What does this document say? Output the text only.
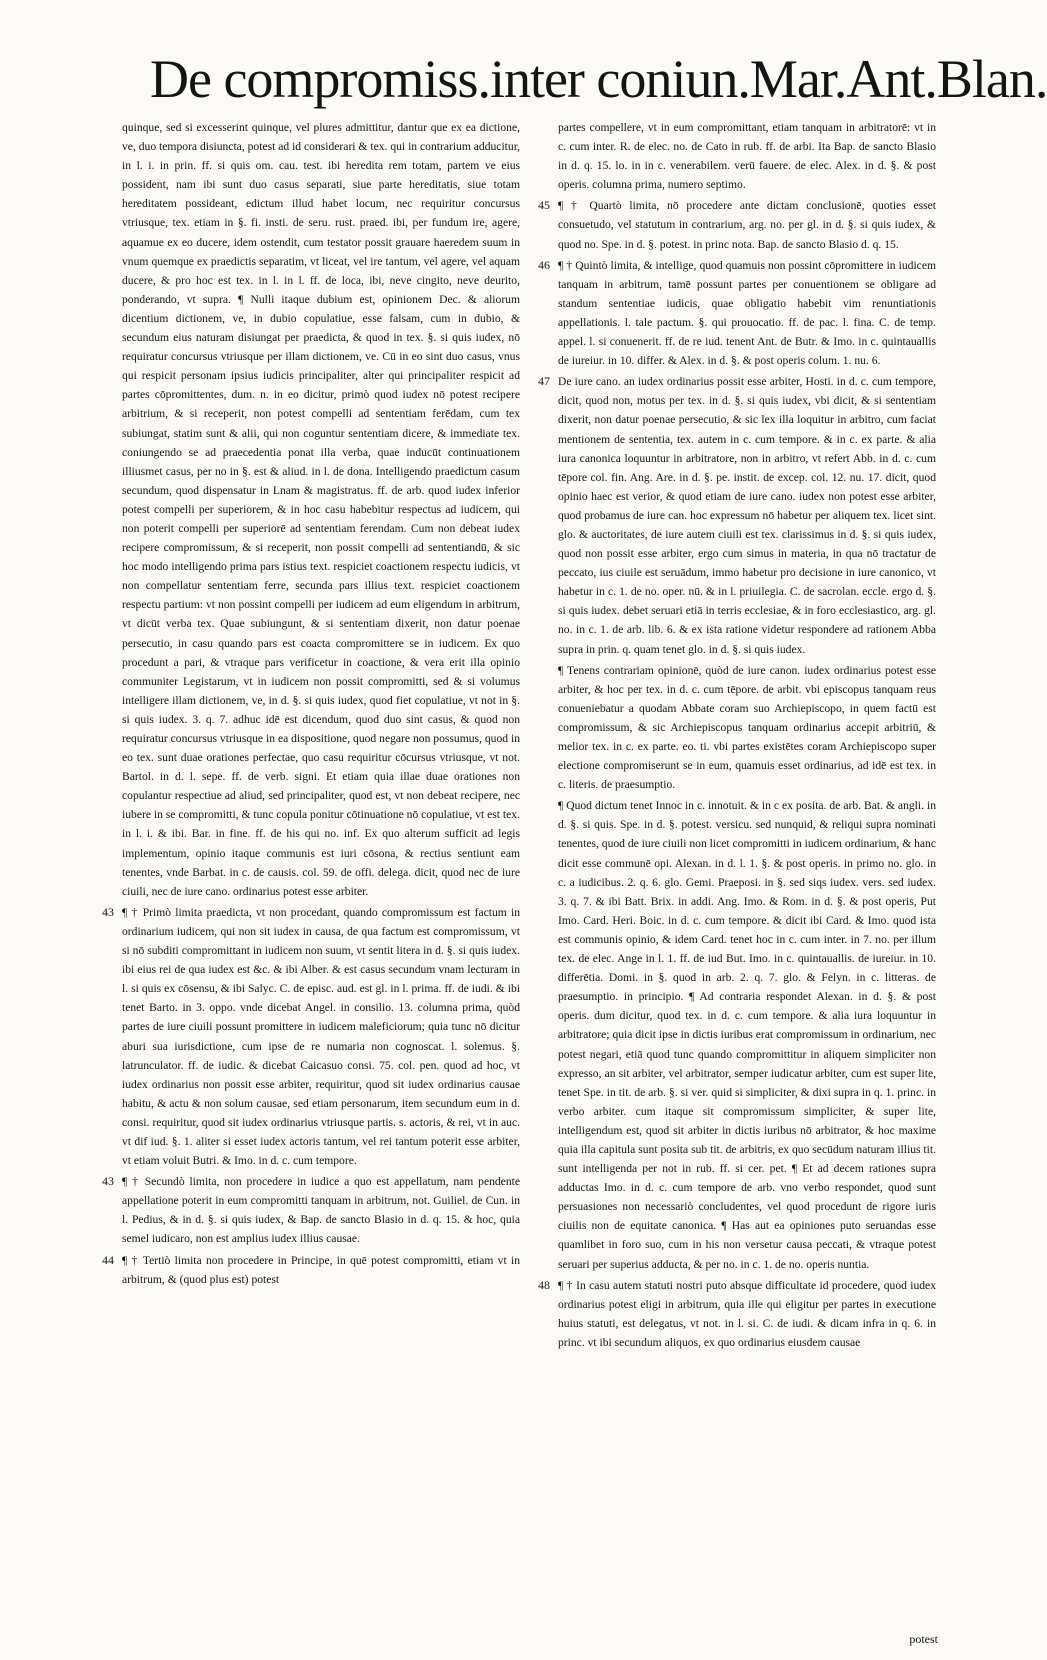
De compromiss.inter coniun.Mar.Ant.Blan.

quinque, sed si excesserint quinque, vel plures admittitur, dantur que ex ea dictione, ve, duo tempora disiuncta, potest ad id considerari & tex. qui in contrarium adducitur, in l. i. in prin. ff. si quis om. cau. test. ibi heredita rem totam, partem ve eius possident, nam ibi sunt duo casus separati, siue parte hereditatis, siue totam hereditatem possideant, edictum illud habet locum, nec requiritur concursus vtriusque, tex. etiam in §. fi. insti. de seru. rust. praed. ibi, per fundum ire, agere, aquamue ex eo ducere, idem ostendit, cum testator possit grauare haeredem suum in vnum quemque ex praedictis separatim, vt liceat, vel ire tantum, vel agere, vel aquam ducere, & pro hoc est tex. in l. in l. ff. de loca, ibi, neve cingito, neve deurito, ponderando, vt supra. ¶ Nulli itaque dubium est, opinionem Dec. & aliorum dicentium dictionem, ve, in dubio copulatiue, esse falsam, cum in dubio, & secundum eius naturam disiungat per praedicta, & quod in tex. §. si quis iudex, nō requiratur concursus vtriusque per illam dictionem, ve. Cū in eo sint duo casus, vnus qui respicit personam ipsius iudicis principaliter, alter qui principaliter respicit ad partes cōpromittentes, dum. n. in eo dicitur, primò quod iudex nō potest recipere arbitrium, & si receperit, non potest compelli ad sententiam ferēdam, cum tex subiungat, statim sunt & alii, qui non coguntur sententiam dicere, & immediate tex. coniungendo se ad praecedentia ponat illa verba, quae inducūt continuationem illiusmet casus, per no in §. est & aliud. in l. de dona. Intelligendo praedictum casum secundum, quod dispensatur in Lnam & magistratus. ff. de arb. quod iudex inferior potest compelli per superiorem, & in hoc casu habebitur respectus ad iudicem, qui non poterit compelli per superiorē ad sententiam ferendam. Cum non debeat iudex recipere compromissum, & si receperit, non possit compelli ad sententiandū, & sic hoc modo intelligendo prima pars istius text. respiciet coactionem respectu iudicis, vt non compellatur sententiam ferre, secunda pars illius text. respiciet coactionem respectu partium: vt non possint compelli per iudicem ad eum eligendum in arbitrum, vt dicūt verba tex. Quae subiungunt, & si sententiam dixerit, non datur poenae persecutio, in casu quando pars est coacta compromittere se in iudicem. Ex quo procedunt a pari, & vtraque pars verificetur in coactione, & vera erit illa opinio communiter Legistarum, vt in iudicem non possit compromitti, sed & si volumus intelligere illam dictionem, ve, in d. §. si quis iudex, quod fiet copulatiue, vt not in §. si quis iudex. 3. q. 7. adhuc idē est dicendum, quod duo sint casus, & quod non requiratur concursus vtriusque in ea dispositione, quod negare non possumus, quod in eo tex. sunt duae orationes perfectae, quo casu requiritur cōcursus vtriusque, vt not. Bartol. in d. l. sepe. ff. de verb. signi. Et etiam quia illae duae orationes non copulantur respectiue ad aliud, sed principaliter, quod est, vt non debeat recipere, nec iubere in se compromitti, & tunc copula ponitur cōtinuatione nō copulatiue, vt est tex. in l. i. & ibi. Bar. in fine. ff. de his qui no. inf. Ex quo alterum sufficit ad legis implementum, opinio itaque communis est iuri cōsona, & rectius sentiunt eam tenentes, vnde Barbat. in c. de causis. col. 59. de offi. delega. dicit, quod nec de iure ciuili, nec de iure cano. ordinarius potest esse arbiter.

43 ¶ † Primò limita praedicta, vt non procedant, quando compromissum est factum in ordinarium iudicem, qui non sit iudex in causa, de qua factum est compromissum, vt si nō subditi compromittant in iudicem non suum, vt sentit litera in d. §. si quis iudex. ibi eius rei de qua iudex est &c. & ibi Alber. & est casus secundum vnam lecturam in l. si quis ex cōsensu, & ibi Salyc. C. de episc. aud. est gl. in l. prima. ff. de iudi. & ibi tenet Barto. in 3. oppo. vnde dicebat Angel. in consilio. 13. columna prima, quòd partes de iure ciuili possunt promittere in iudicem maleficiorum; quia tunc nō dicitur aburi sua iurisdictione, cum ipse de re numaria non cognoscat. l. solemus. §. latrunculator. ff. de iudic. & dicebat Caicasuo consi. 75. col. pen. quod ad hoc, vt iudex ordinarius non possit esse arbiter, requiritur, quod sit iudex ordinarius causae habitu, & actu & non solum causae, sed etiam personarum, item secundum eum in d. consi. requiritur, quod sit iudex ordinarius vtriusque partis. s. actoris, & rei, vt in auc. vt dif iud. §. 1. aliter si esset iudex actoris tantum, vel rei tantum poterit esse arbiter, vt etiam voluit Butri. & Imo. in d. c. cum tempore.

43 ¶ † Secundò limita, non procedere in iudice a quo est appellatum, nam pendente appellatione poterit in eum compromitti tanquam in arbitrum, not. Guiliel. de Cun. in l. Pedius, & in d. §. si quis iudex, & Bap. de sancto Blasio in d. q. 15. & hoc, quia semel iudicaro, non est amplius iudex illius causae.

44 ¶ † Tertiò limita non procedere in Principe, in quē potest compromitti, etiam vt in arbitrum, & (quod plus est) potest

partes compellere, vt in eum compromittant, etiam tanquam in arbitratorē: vt in c. cum inter. R. de elec. no. de Cato in rub. ff. de arbi. Ita Bap. de sancto Blasio in d. q. 15. lo. in in c. venerabilem. verū fauere. de elec. Alex. in d. §. & post operis. columna prima, numero septimo.

45 ¶ † Quartò limita, nō procedere ante dictam conclusionē, quoties esset consuetudo, vel statutum in contrarium, arg. no. per gl. in d. §. si quis iudex, & quod no. Spe. in d. §. potest. in princ nota. Bap. de sancto Blasio d. q. 15.

46 ¶ † Quintò limita, & intellige, quod quamuis non possint cōpromittere in iudicem tanquam in arbitrum, tamē possunt partes per conuentionem se obligare ad standum sententiae iudicis, quae obligatio habebit vim renuntiationis appellationis. l. tale pactum. §. qui prouocatio. ff. de pac. l. fina. C. de temp. appel. l. si conuenerit. ff. de re iud. tenent Ant. de Butr. & Imo. in c. quintauallis de iureiur. in 10. differ. & Alex. in d. §. & post operis colum. 1. nu. 6.

47 De iure cano. an iudex ordinarius possit esse arbiter, Hosti. in d. c. cum tempore, dicit, quod non, motus per tex. in d. §. si quis iudex, vbi dicit, & si sententiam dixerit, non datur poenae persecutio, & sic lex illa loquitur in arbitro, cum faciat mentionem de sententia, tex. autem in c. cum tempore. & in c. ex parte. & alia iura canonica loquuntur in arbitratore, non in arbitro, vt refert Abb. in d. c. cum tēpore col. fin. Ang. Are. in d. §. pe. instit. de excep. col. 12. nu. 17. dicit, quod opinio haec est verior, & quod etiam de iure cano. iudex non potest esse arbiter, quod probamus de iure can. hoc expressum nō habetur per aliquem tex. licet sint. glo. & auctoritates, de iure autem ciuili est tex. clarissimus in d. §. si quis iudex, quod non possit esse arbiter, ergo cum simus in materia, in qua nō tractatur de peccato, ius ciuile est seruādum, immo habetur pro decisione in iure canonico, vt habetur in c. 1. de no. oper. nū. & in l. priuilegia. C. de sacrolan. eccle. ergo d. §. si quis iudex. debet seruari etiā in terris ecclesiae, & in foro ecclesiastico, arg. gl. no. in c. 1. de arb. lib. 6. & ex ista ratione videtur respondere ad rationem Abba supra in prin. q. quam tenet glo. in d. §. si quis iudex.

¶ Tenens contrariam opinionē, quòd de iure canon. iudex ordinarius potest esse arbiter, & hoc per tex. in d. c. cum tēpore. de arbit. vbi episcopus tanquam reus conueniebatur a quodam Abbate coram suo Archiepiscopo, in quem factū est compromissum, & sic Archiepiscopus tanquam ordinarius accepit arbitriū, & melior tex. in c. ex parte. eo. ti. vbi partes existētes coram Archiepiscopo super electione compromiserunt se in eum, quamuis esset ordinarius, ad idē est tex. in c. literis. de praesumptio.

¶ Quod dictum tenet Innoc in c. innotuit. & in c ex posita. de arb. Bat. & angli. in d. §. si quis. Spe. in d. §. potest. versicu. sed nunquid, & reliqui supra nominati tenentes, quod de iure ciuili non licet compromitti in iudicem ordinarium, & hanc dicit esse communē opi. Alexan. in d. l. 1. §. & post operis. in primo no. glo. in c. a iudicibus. 2. q. 6. glo. Gemi. Praeposi. in §. sed siqs iudex. vers. sed iudex. 3. q. 7. & ibi Batt. Brix. in addi. Ang. Imo. & Rom. in d. §. & post operis, Put Imo. Card. Heri. Boic. in d. c. cum tempore. & dicit ibi Card. & Imo. quod ista est communis opinio, & idem Card. tenet hoc in c. cum inter. in 7. no. per illum tex. de elec. Ange in l. 1. ff. de iud But. Imo. in c. quintauallis. de iureiur. in 10. differētia. Domi. in §. quod in arb. 2. q. 7. glo. & Felyn. in c. litteras. de praesumptio. in principio. ¶ Ad contraria respondet Alexan. in d. §. & post operis. dum dicitur, quod tex. in d. c. cum tempore. & alia iura loquuntur in arbitratore; quia dicit ipse in dictis iuribus erat compromissum in ordinarium, nec potest negari, etiā quod tunc quando compromittitur in aliquem simpliciter non expresso, an sit arbiter, vel arbitrator, semper iudicatur arbiter, cum est super lite, tenet Spe. in tit. de arb. §. si ver. quid si simpliciter, & dixi supra in q. 1. princ. in verbo arbiter. cum itaque sit compromissum simpliciter, & super lite, intelligendum est, quod sit arbiter in dictis iuribus nō arbitrator, & hoc maxime quia illa capitula sunt posita sub tit. de arbitris, ex quo secūdum naturam illius tit. sunt intelligenda per not in rub. ff. si cer. pet. ¶ Et ad decem rationes supra adductas Imo. in d. c. cum tempore de arb. vno verbo respondet, quod sunt persuasiones non necessariò concludentes, vel quod procedunt de rigore iuris ciuilis non de equitate canonica. ¶ Has aut ea opiniones puto seruandas esse quamlibet in foro suo, cum in his non versetur causa peccati, & vtraque potest seruari per superius adducta, & per no. in c. 1. de no. operis nuntia.

48 ¶ † In casu autem statuti nostri puto absque difficultate id procedere, quod iudex ordinarius potest eligi in arbitrum, quia ille qui eligitur per partes in executione huius statuti, est delegatus, vt not. in l. si. C. de iudi. & dicam infra in q. 6. in princ. vt ibi secundum aliquos, ex quo ordinarius eiusdem causae

potest
